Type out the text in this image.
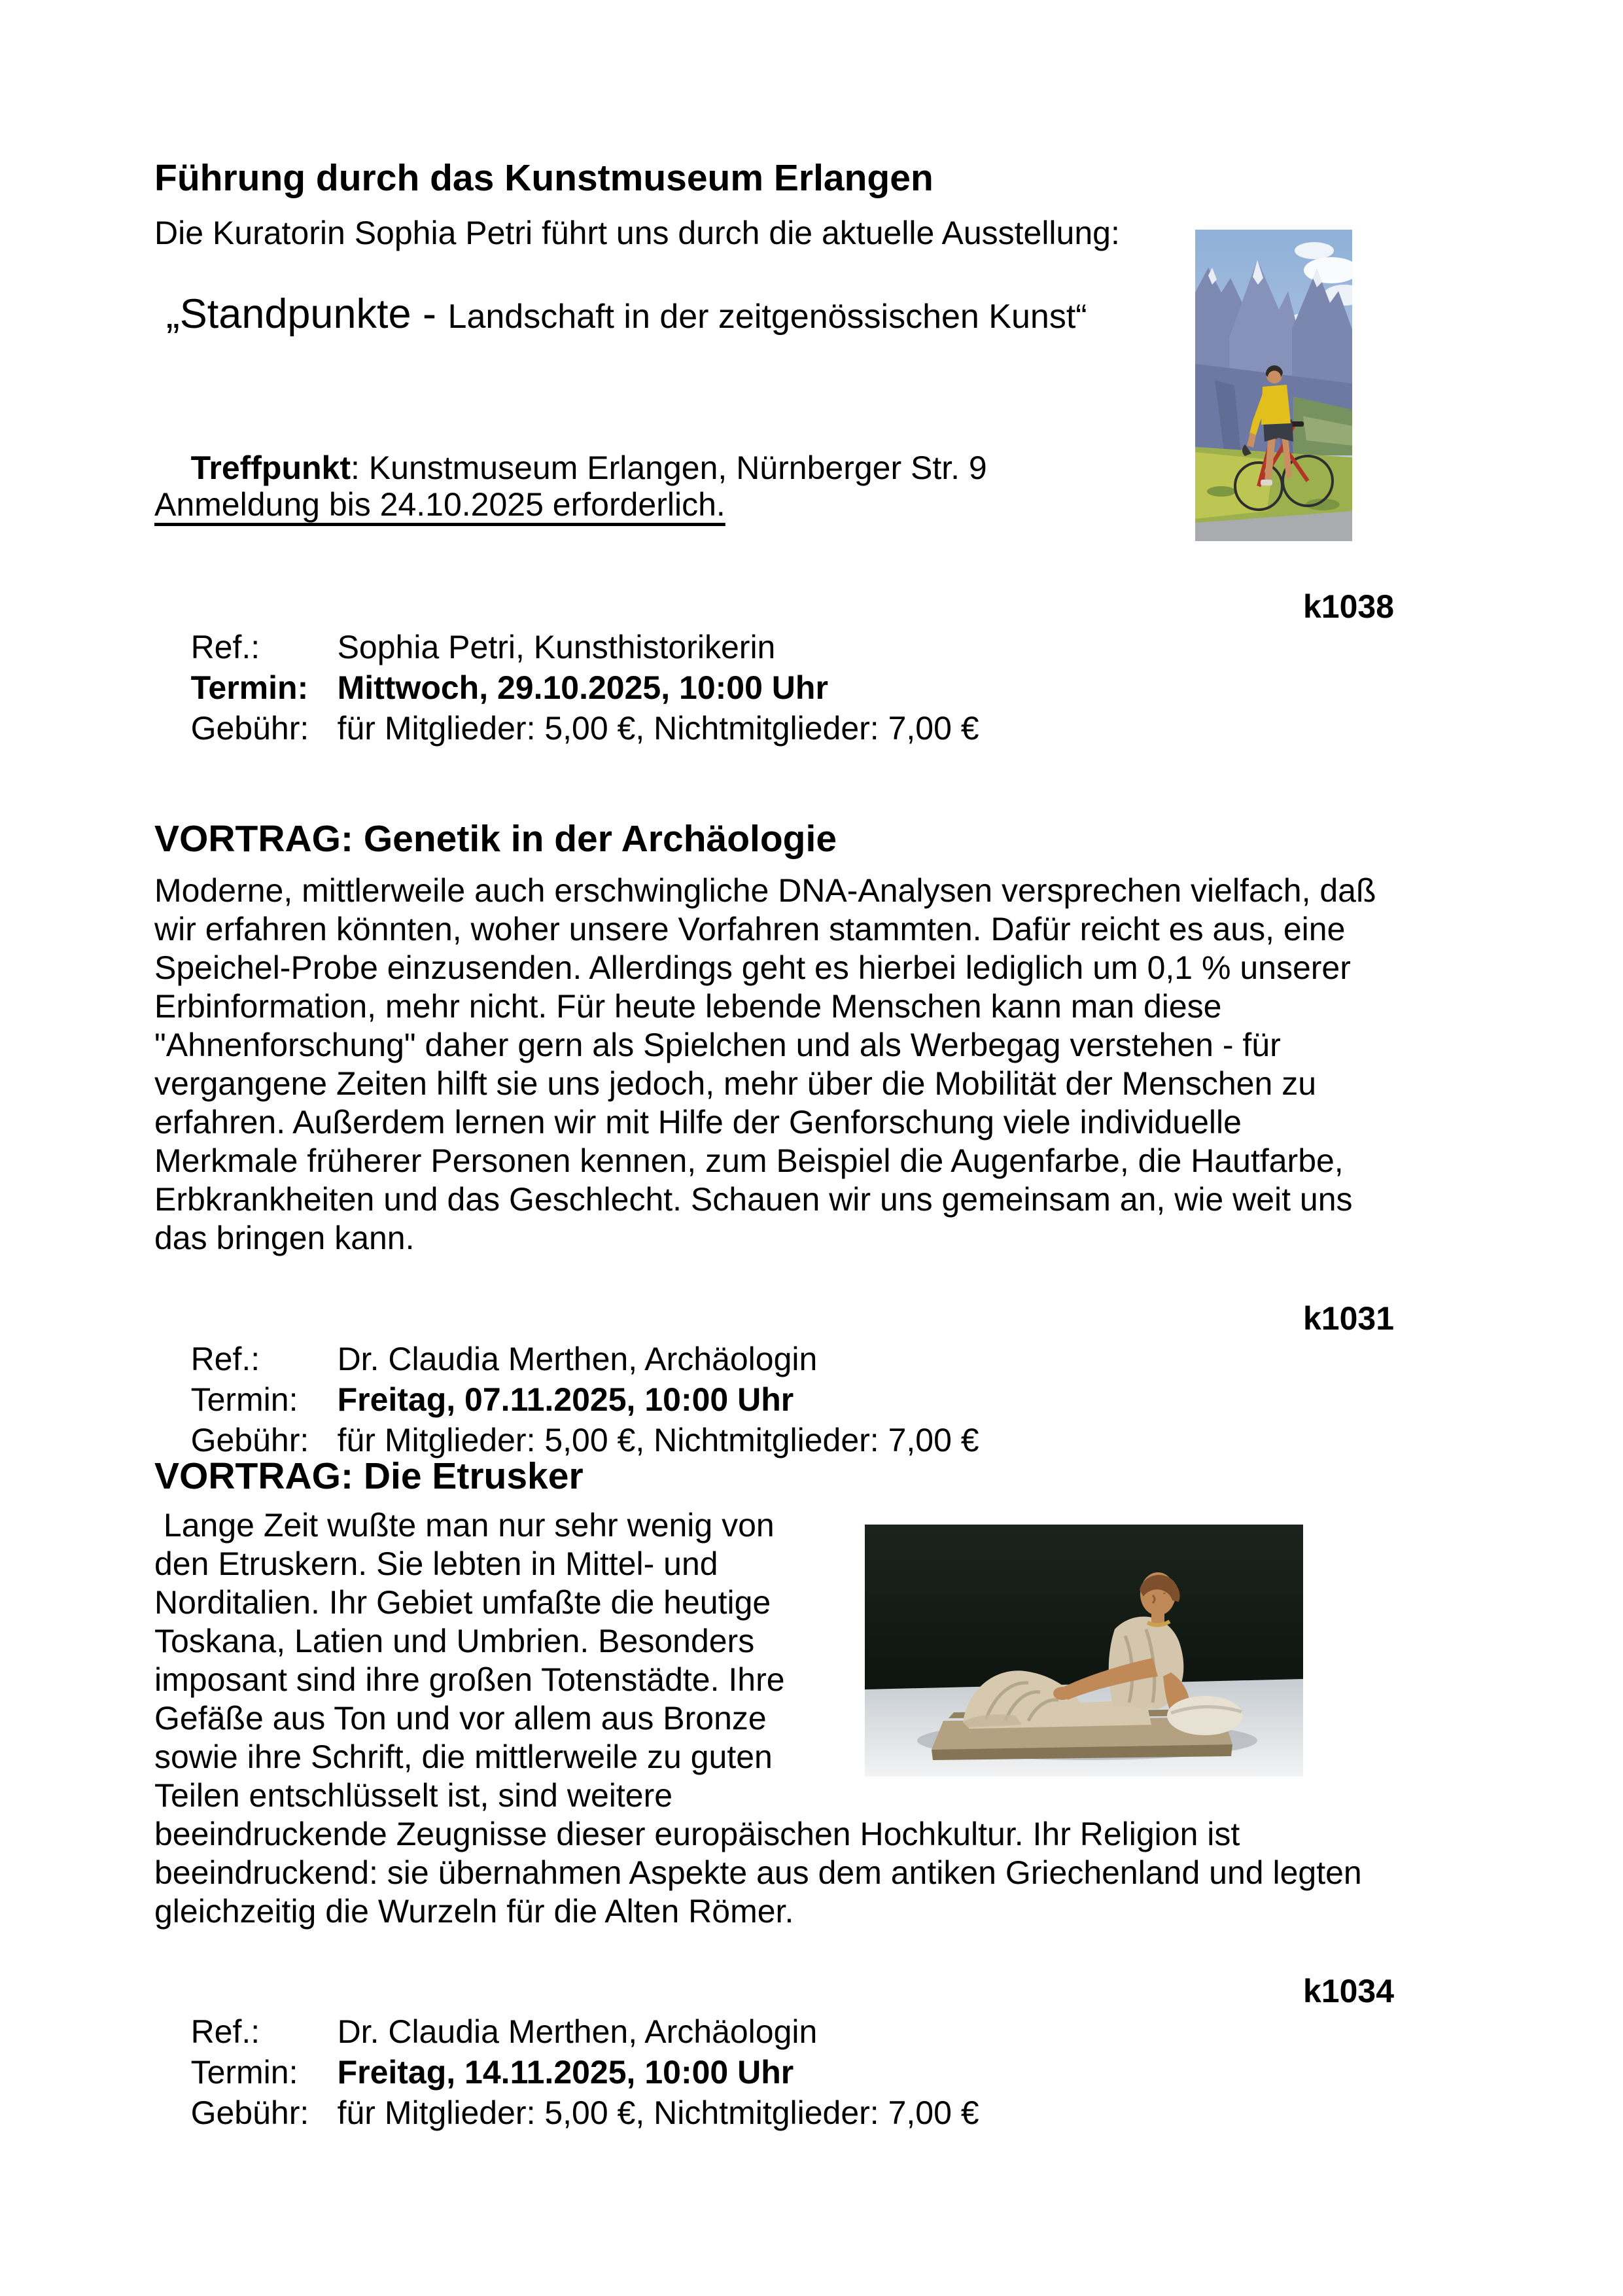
Führung durch das Kunstmuseum Erlangen
Die Kuratorin Sophia Petri führt uns durch die aktuelle Ausstellung:

„Standpunkte - Landschaft in der zeitgenössischen Kunst“

Treffpunkt: Kunstmuseum Erlangen, Nürnberger Str. 9

Anmeldung bis 24.10.2025 erforderlich.

Ref.: Sophia Petri, Kunsthistorikerin

k1038

Termin: Mittwoch, 29.10.2025, 10:00 Uhr

Gebühr: für Mitglieder: 5,00 €, Nichtmitglieder: 7,00 €

VORTRAG: Genetik in der Archäologie
Moderne, mittlerweile auch erschwingliche DNA-Analysen versprechen vielfach, daß
wir erfahren könnten, woher unsere Vorfahren stammten. Dafür reicht es aus, eine
Speichel-Probe einzusenden. Allerdings geht es hierbei lediglich um 0,1 % unserer
Erbinformation, mehr nicht. Für heute lebende Menschen kann man diese
"Ahnenforschung" daher gern als Spielchen und als Werbegag verstehen - für
vergangene Zeiten hilft sie uns jedoch, mehr über die Mobilität der Menschen zu
erfahren. Außerdem lernen wir mit Hilfe der Genforschung viele individuelle
Merkmale früherer Personen kennen, zum Beispiel die Augenfarbe, die Hautfarbe,
Erbkrankheiten und das Geschlecht. Schauen wir uns gemeinsam an, wie weit uns
das bringen kann.

Ref.: Dr. Claudia Merthen, Archäologin

k1031

Termin: Freitag, 07.11.2025, 10:00 Uhr

Gebühr: für Mitglieder: 5,00 €, Nichtmitglieder: 7,00 €

VORTRAG: Die Etrusker
Lange Zeit wußte man nur sehr wenig von
den Etruskern. Sie lebten in Mittel- und
Norditalien. Ihr Gebiet umfaßte die heutige
Toskana, Latien und Umbrien. Besonders
imposant sind ihre großen Totenstädte. Ihre
Gefäße aus Ton und vor allem aus Bronze
sowie ihre Schrift, die mittlerweile zu guten
Teilen entschlüsselt ist, sind weitere
beeindruckende Zeugnisse dieser europäischen Hochkultur. Ihr Religion ist
beeindruckend: sie übernahmen Aspekte aus dem antiken Griechenland und legten
gleichzeitig die Wurzeln für die Alten Römer.

Ref.: Dr. Claudia Merthen, Archäologin

k1034

Termin: Freitag, 14.11.2025, 10:00 Uhr

Gebühr: für Mitglieder: 5,00 €, Nichtmitglieder: 7,00 €
